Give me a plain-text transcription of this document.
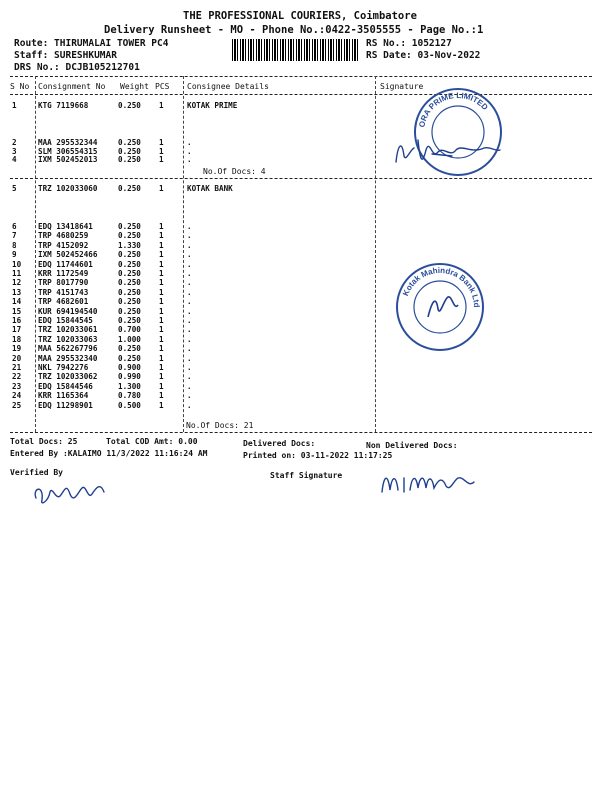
THE PROFESSIONAL COURIERS, Coimbatore
Delivery Runsheet - MO - Phone No.:0422-3505555 - Page No.:1
Route: THIRUMALAI TOWER PC4
Staff: SURESHKUMAR
DRS No.: DCJB105212701
RS No.: 1052127
RS Date: 03-Nov-2022
S No Consignment No Weight PCS Consignee Details	Signature
1	KTG 7119668	0.250 1	KOTAK PRIME
2	MAA 295532344	0.250 1	.
3	SLM 306554315	0.250 1	.
4	IXM 502452013	0.250 1	.
5	TRZ 102033060	0.250 1	KOTAK BANK
6	EDQ 13418641	0.250 1	.
7	TRP 4680259	0.250 1	.
8	TRP 4152092	1.330 1	.
9	IXM 502452466	0.250 1	.
10 EDQ 11744601	0.250 1	.
11 KRR 1172549	0.250 1	.
12 TRP 8017790	0.250 1	.
13 TRP 4151743	0.250 1	.
14 TRP 4682601	0.250 1	.
15 KUR 694194540	0.250 1	.
16 EDQ 15844545	0.250 1	.
17 TRZ 102033061	0.700 1	.
18 TRZ 102033063	1.000 1	.
19 MAA 562267796	0.250 1	.
20 MAA 295532340	0.250 1	.
21 NKL 7942276	0.900 1	.
22 TRZ 102033062	0.990 1	.
23 EDQ 15844546	1.300 1	.
24 KRR 1165364	0.780 1	.
25 EDQ 11298901	0.500 1	.
No.Of Docs: 4
No.Of Docs: 21
Total Docs: 25	Total COD Amt: 0.00	Delivered Docs:	Non Delivered Docs:
Entered By :KALAIMO 11/3/2022 11:16:24 AM	Printed on: 03-11-2022 11:17:25
Verified By	Staff Signature
ORA PRIME LIMITED
Kotak Mahindra Bank Ltd
